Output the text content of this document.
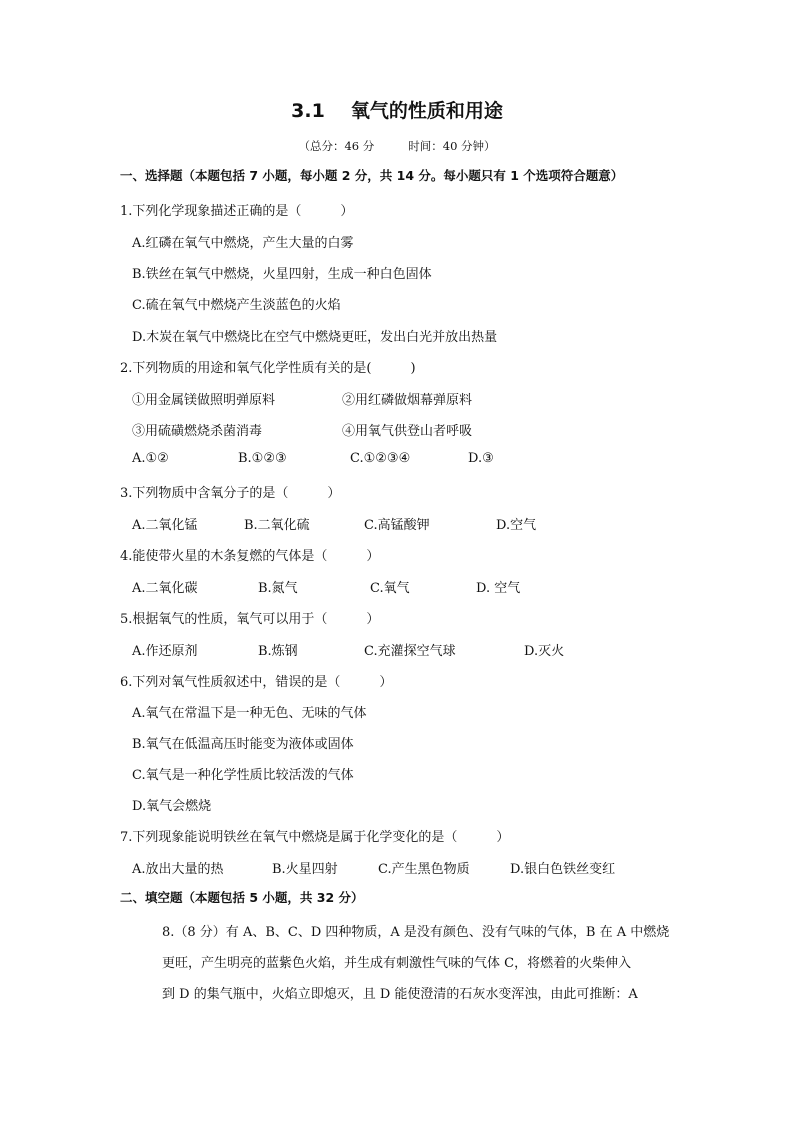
3.1 氧气的性质和用途
（总分：46 分	时间：40 分钟）
一、选择题（本题包括 7 小题，每小题 2 分，共 14 分。每小题只有 1 个选项符合题意）
1.下列化学现象描述正确的是（　　　）
A.红磷在氧气中燃烧，产生大量的白雾
B.铁丝在氧气中燃烧，火星四射，生成一种白色固体
C.硫在氧气中燃烧产生淡蓝色的火焰
D.木炭在氧气中燃烧比在空气中燃烧更旺，发出白光并放出热量
2.下列物质的用途和氧气化学性质有关的是(　　　)
①用金属镁做照明弹原料	②用红磷做烟幕弹原料
③用硫磺燃烧杀菌消毒	④用氧气供登山者呼吸
A.①②	B.①②③	C.①②③④	D.③
3.下列物质中含氧分子的是（　　　）
A.二氧化锰	B.二氧化硫	C.高锰酸钾	D.空气
4.能使带火星的木条复燃的气体是（　　　）
A.二氧化碳	B.氮气	C.氧气	D. 空气
5.根据氧气的性质，氧气可以用于（　　　）
A.作还原剂	B.炼钢	C.充灌探空气球	D.灭火
6.下列对氧气性质叙述中，错误的是（　　　）
A.氧气在常温下是一种无色、无味的气体
B.氧气在低温高压时能变为液体或固体
C.氧气是一种化学性质比较活泼的气体
D.氧气会燃烧
7.下列现象能说明铁丝在氧气中燃烧是属于化学变化的是（　　　）
A.放出大量的热	B.火星四射	C.产生黑色物质	D.银白色铁丝变红
二、填空题（本题包括 5 小题，共 32 分）
8.（8 分）有 A、B、C、D 四种物质，A 是没有颜色、没有气味的气体，B 在 A 中燃烧
更旺，产生明亮的蓝紫色火焰，并生成有刺激性气味的气体 C，将燃着的火柴伸入
到 D 的集气瓶中，火焰立即熄灭，且 D 能使澄清的石灰水变浑浊，由此可推断：A
